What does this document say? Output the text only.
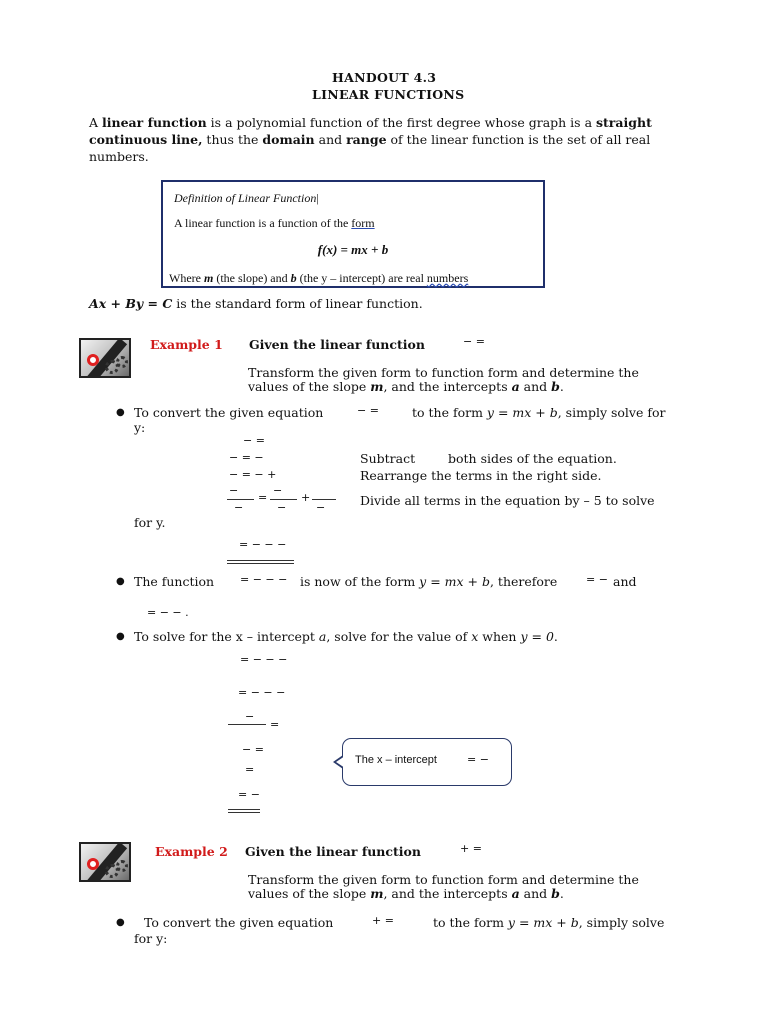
HANDOUT 4.3
LINEAR FUNCTIONS
A linear function is a polynomial function of the first degree whose graph is a straight continuous line, thus the domain and range of the linear function is the set of all real numbers.
Definition of Linear Function|
A linear function is a function of the form
f(x) = mx + b
Where m (the slope) and b (the y – intercept) are real numbers
Ax + By = C is the standard form of linear function.
Example 1 Given the linear function	− =
Transform the given form to function form and determine the
values of the slope m, and the intercepts a and b.
● To convert the given equation	− =	to the form y = mx + b, simply solve for
y:
− =
− = −	Subtract	both sides of the equation.
− = − +	Rearrange the terms in the right side.
−	−
=	+
−	−	−	Divide all terms in the equation by – 5 to solve
for y.
= − − −
● The function = − − − is now of the form y = mx + b, therefore	= − and
= − − .
● To solve for the x – intercept a, solve for the value of x when y = 0.
= − − −
= − − −
−
=
− =
=
= −
The x – intercept	= −
Example 2 Given the linear function	+ =
Transform the given form to function form and determine the
values of the slope m, and the intercepts a and b.
● To convert the given equation	+ =	to the form y = mx + b, simply solve
for y:
